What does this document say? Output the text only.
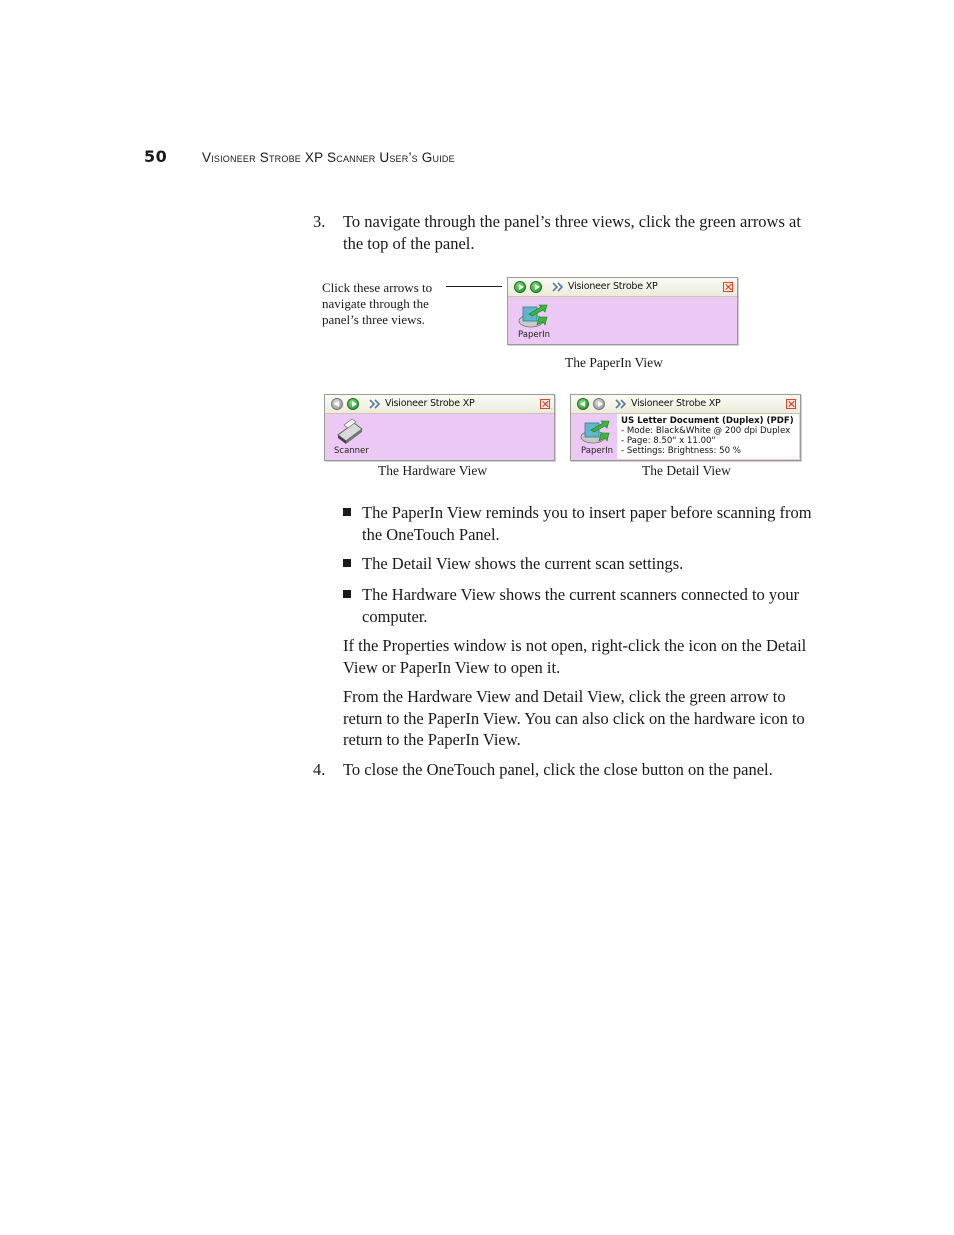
50	Visioneer Strobe XP Scanner User’s Guide
3. To navigate through the panel’s three views, click the green arrows at the top of the panel.
Click these arrows to navigate through the panel’s three views.
Visioneer Strobe XP
PaperIn
The PaperIn View
Visioneer Strobe XP
Scanner
The Hardware View
Visioneer Strobe XP
PaperIn
US Letter Document (Duplex) (PDF)
- Mode: Black&White @ 200 dpi Duplex
- Page: 8.50" x 11.00"
- Settings: Brightness: 50 %
The Detail View
The PaperIn View reminds you to insert paper before scanning from the OneTouch Panel.
The Detail View shows the current scan settings.
The Hardware View shows the current scanners connected to your computer.
If the Properties window is not open, right-click the icon on the Detail View or PaperIn View to open it.
From the Hardware View and Detail View, click the green arrow to return to the PaperIn View. You can also click on the hardware icon to return to the PaperIn View.
4. To close the OneTouch panel, click the close button on the panel.
